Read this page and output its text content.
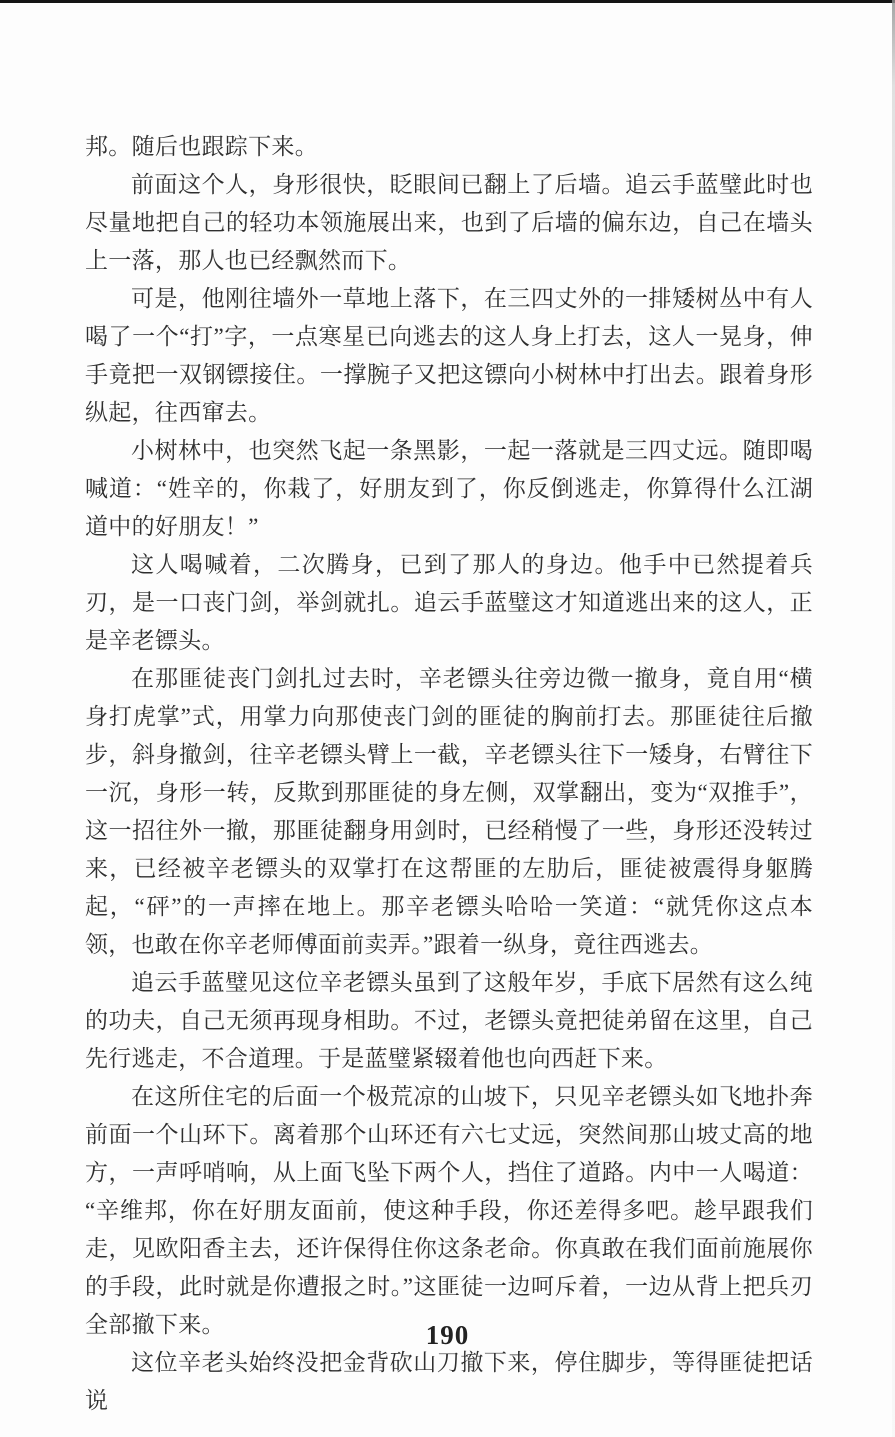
邦。随后也跟踪下来。

前面这个人，身形很快，眨眼间已翻上了后墙。追云手蓝璧此时也尽量地把自己的轻功本领施展出来，也到了后墙的偏东边，自己在墙头上一落，那人也已经飘然而下。

可是，他刚往墙外一草地上落下，在三四丈外的一排矮树丛中有人喝了一个“打”字，一点寒星已向逃去的这人身上打去，这人一晃身，伸手竟把一双钢镖接住。一撑腕子又把这镖向小树林中打出去。跟着身形纵起，往西窜去。

小树林中，也突然飞起一条黑影，一起一落就是三四丈远。随即喝喊道：“姓辛的，你栽了，好朋友到了，你反倒逃走，你算得什么江湖道中的好朋友！”

这人喝喊着，二次腾身，已到了那人的身边。他手中已然提着兵刃，是一口丧门剑，举剑就扎。追云手蓝璧这才知道逃出来的这人，正是辛老镖头。

在那匪徒丧门剑扎过去时，辛老镖头往旁边微一撤身，竟自用“横身打虎掌”式，用掌力向那使丧门剑的匪徒的胸前打去。那匪徒往后撤步，斜身撤剑，往辛老镖头臂上一截，辛老镖头往下一矮身，右臂往下一沉，身形一转，反欺到那匪徒的身左侧，双掌翻出，变为“双推手”，这一招往外一撤，那匪徒翻身用剑时，已经稍慢了一些，身形还没转过来，已经被辛老镖头的双掌打在这帮匪的左肋后，匪徒被震得身躯腾起，“砰”的一声摔在地上。那辛老镖头哈哈一笑道：“就凭你这点本领，也敢在你辛老师傅面前卖弄。”跟着一纵身，竟往西逃去。

追云手蓝璧见这位辛老镖头虽到了这般年岁，手底下居然有这么纯的功夫，自己无须再现身相助。不过，老镖头竟把徒弟留在这里，自己先行逃走，不合道理。于是蓝璧紧辍着他也向西赶下来。

在这所住宅的后面一个极荒凉的山坡下，只见辛老镖头如飞地扑奔前面一个山环下。离着那个山环还有六七丈远，突然间那山坡丈高的地方，一声呼哨响，从上面飞坠下两个人，挡住了道路。内中一人喝道：“辛维邦，你在好朋友面前，使这种手段，你还差得多吧。趁早跟我们走，见欧阳香主去，还许保得住你这条老命。你真敢在我们面前施展你的手段，此时就是你遭报之时。”这匪徒一边呵斥着，一边从背上把兵刃全部撤下来。

这位辛老头始终没把金背砍山刀撤下来，停住脚步，等得匪徒把话说

190
